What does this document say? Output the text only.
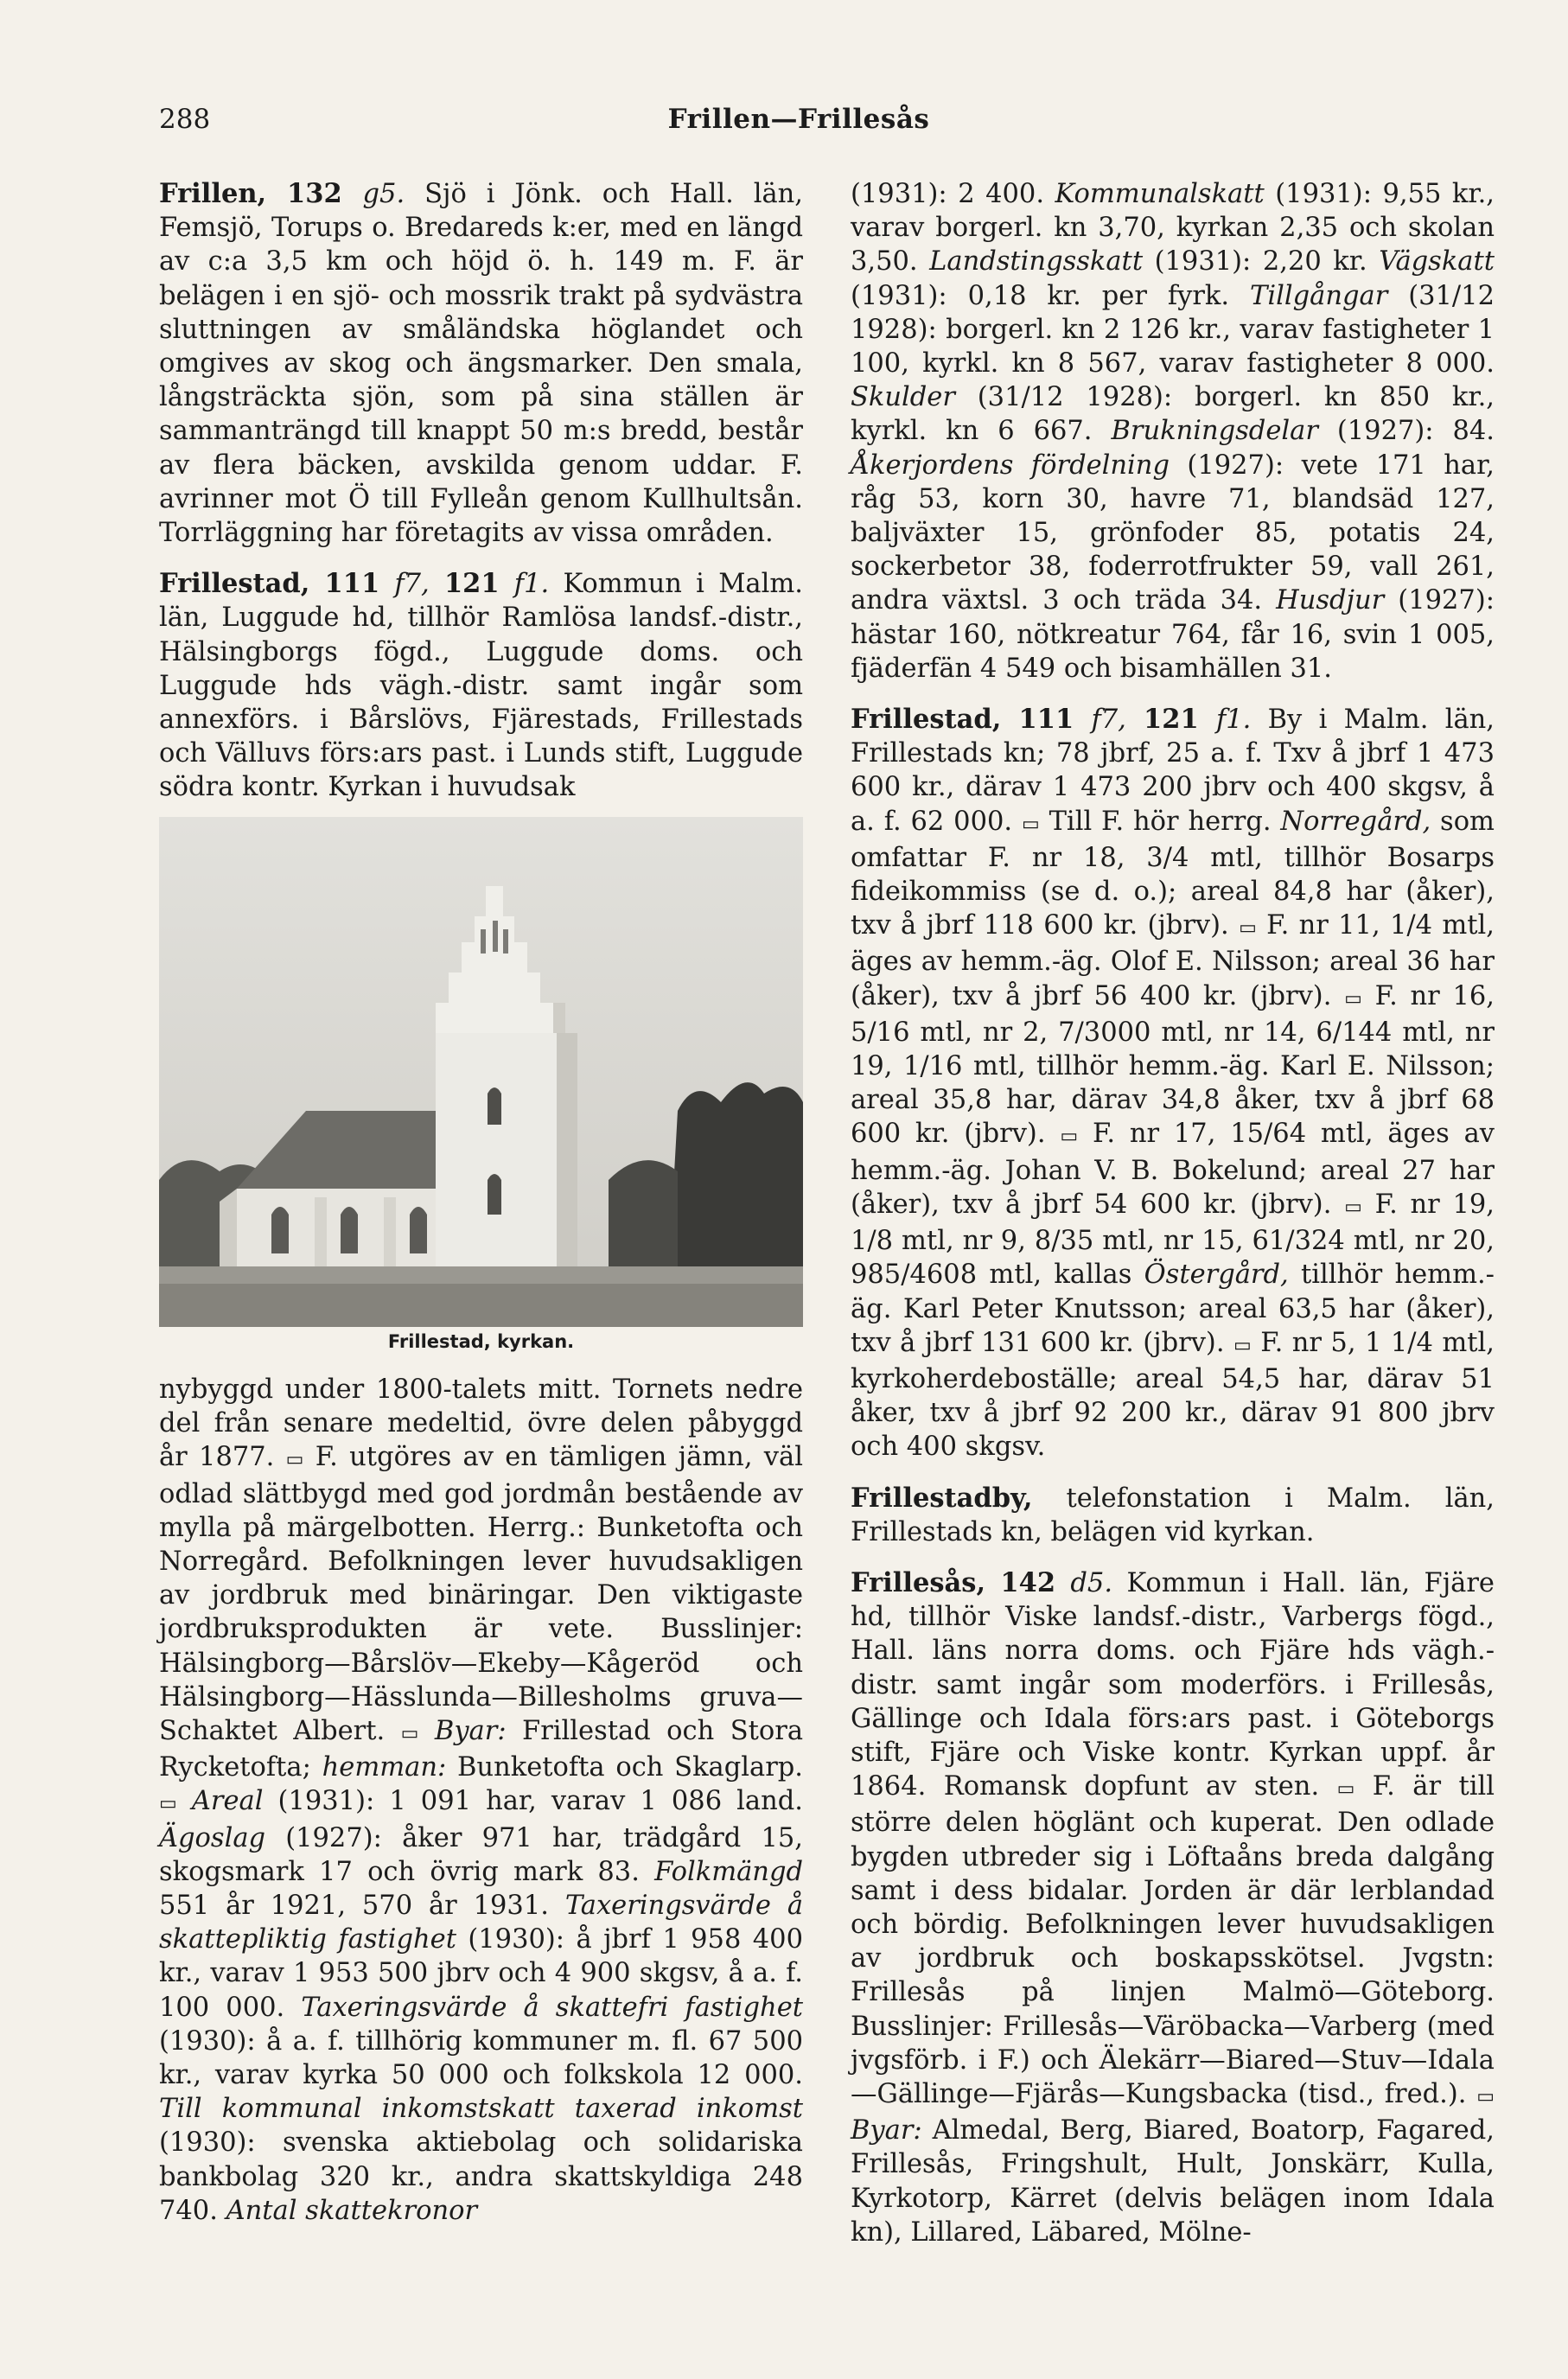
288	Frillen—Frillesås

Frillen, 132 g5. Sjö i Jönk. och Hall. län, Femsjö, Torups o. Bredareds k:er, med en längd av c:a 3,5 km och höjd ö. h. 149 m. F. är belägen i en sjö- och mossrik trakt på sydvästra sluttningen av småländska höglandet och omgives av skog och ängsmarker. Den smala, långsträckta sjön, som på sina ställen är sammanträngd till knappt 50 m:s bredd, består av flera bäcken, avskilda genom uddar. F. avrinner mot Ö till Fylleån genom Kullhultsån. Torrläggning har företagits av vissa områden.

Frillestad, 111 f7, 121 f1. Kommun i Malm. län, Luggude hd, tillhör Ramlösa landsf.-distr., Hälsingborgs fögd., Luggude doms. och Luggude hds vägh.-distr. samt ingår som annexförs. i Bårslövs, Fjärestads, Frillestads och Välluvs förs:ars past. i Lunds stift, Luggude södra kontr. Kyrkan i huvudsak

Frillestad, kyrkan.

nybyggd under 1800-talets mitt. Tornets nedre del från senare medeltid, övre delen påbyggd år 1877. ▭ F. utgöres av en tämligen jämn, väl odlad slättbygd med god jordmån bestående av mylla på märgelbotten. Herrg.: Bunketofta och Norregård. Befolkningen lever huvudsakligen av jordbruk med binäringar. Den viktigaste jordbruksprodukten är vete. Busslinjer: Hälsingborg—Bårslöv—Ekeby—Kågeröd och Hälsingborg—Hässlunda—Billesholms gruva—Schaktet Albert. ▭ Byar: Frillestad och Stora Rycketofta; hemman: Bunketofta och Skaglarp. ▭ Areal (1931): 1 091 har, varav 1 086 land. Ägoslag (1927): åker 971 har, trädgård 15, skogsmark 17 och övrig mark 83. Folkmängd 551 år 1921, 570 år 1931. Taxeringsvärde å skattepliktig fastighet (1930): å jbrf 1 958 400 kr., varav 1 953 500 jbrv och 4 900 skgsv, å a. f. 100 000. Taxeringsvärde å skattefri fastighet (1930): å a. f. tillhörig kommuner m. fl. 67 500 kr., varav kyrka 50 000 och folkskola 12 000. Till kommunal inkomstskatt taxerad inkomst (1930): svenska aktiebolag och solidariska bankbolag 320 kr., andra skattskyldiga 248 740. Antal skattekronor

(1931): 2 400. Kommunalskatt (1931): 9,55 kr., varav borgerl. kn 3,70, kyrkan 2,35 och skolan 3,50. Landstingsskatt (1931): 2,20 kr. Vägskatt (1931): 0,18 kr. per fyrk. Tillgångar (31/12 1928): borgerl. kn 2 126 kr., varav fastigheter 1 100, kyrkl. kn 8 567, varav fastigheter 8 000. Skulder (31/12 1928): borgerl. kn 850 kr., kyrkl. kn 6 667. Brukningsdelar (1927): 84. Åkerjordens fördelning (1927): vete 171 har, råg 53, korn 30, havre 71, blandsäd 127, baljväxter 15, grönfoder 85, potatis 24, sockerbetor 38, foderrotfrukter 59, vall 261, andra växtsl. 3 och träda 34. Husdjur (1927): hästar 160, nötkreatur 764, får 16, svin 1 005, fjäderfän 4 549 och bisamhällen 31.

Frillestad, 111 f7, 121 f1. By i Malm. län, Frillestads kn; 78 jbrf, 25 a. f. Txv å jbrf 1 473 600 kr., därav 1 473 200 jbrv och 400 skgsv, å a. f. 62 000. ▭ Till F. hör herrg. Norregård, som omfattar F. nr 18, 3/4 mtl, tillhör Bosarps fideikommiss (se d. o.); areal 84,8 har (åker), txv å jbrf 118 600 kr. (jbrv). ▭ F. nr 11, 1/4 mtl, äges av hemm.-äg. Olof E. Nilsson; areal 36 har (åker), txv å jbrf 56 400 kr. (jbrv). ▭ F. nr 16, 5/16 mtl, nr 2, 7/3000 mtl, nr 14, 6/144 mtl, nr 19, 1/16 mtl, tillhör hemm.-äg. Karl E. Nilsson; areal 35,8 har, därav 34,8 åker, txv å jbrf 68 600 kr. (jbrv). ▭ F. nr 17, 15/64 mtl, äges av hemm.-äg. Johan V. B. Bokelund; areal 27 har (åker), txv å jbrf 54 600 kr. (jbrv). ▭ F. nr 19, 1/8 mtl, nr 9, 8/35 mtl, nr 15, 61/324 mtl, nr 20, 985/4608 mtl, kallas Östergård, tillhör hemm.-äg. Karl Peter Knutsson; areal 63,5 har (åker), txv å jbrf 131 600 kr. (jbrv). ▭ F. nr 5, 1 1/4 mtl, kyrkoherdeboställe; areal 54,5 har, därav 51 åker, txv å jbrf 92 200 kr., därav 91 800 jbrv och 400 skgsv.

Frillestadby, telefonstation i Malm. län, Frillestads kn, belägen vid kyrkan.

Frillesås, 142 d5. Kommun i Hall. län, Fjäre hd, tillhör Viske landsf.-distr., Varbergs fögd., Hall. läns norra doms. och Fjäre hds vägh.-distr. samt ingår som moderförs. i Frillesås, Gällinge och Idala förs:ars past. i Göteborgs stift, Fjäre och Viske kontr. Kyrkan uppf. år 1864. Romansk dopfunt av sten. ▭ F. är till större delen höglänt och kuperat. Den odlade bygden utbreder sig i Löftaåns breda dalgång samt i dess bidalar. Jorden är där lerblandad och bördig. Befolkningen lever huvudsakligen av jordbruk och boskapsskötsel. Jvgstn: Frillesås på linjen Malmö—Göteborg. Busslinjer: Frillesås—Väröbacka—Varberg (med jvgsförb. i F.) och Älekärr—Biared—Stuv—Idala—Gällinge—Fjärås—Kungsbacka (tisd., fred.). ▭ Byar: Almedal, Berg, Biared, Boatorp, Fagared, Frillesås, Fringshult, Hult, Jonskärr, Kulla, Kyrkotorp, Kärret (delvis belägen inom Idala kn), Lillared, Läbared, Mölne-
